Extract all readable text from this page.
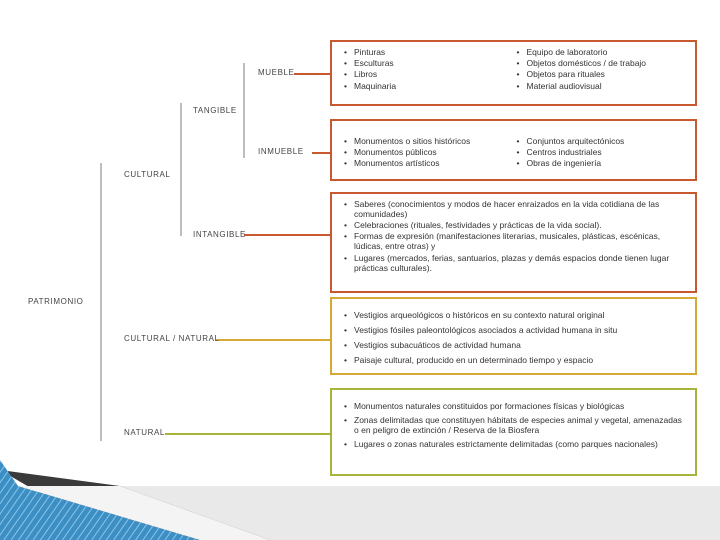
PATRIMONIO
CULTURAL
TANGIBLE
MUEBLE
INMUEBLE
INTANGIBLE
CULTURAL / NATURAL
NATURAL
• Pinturas
• Esculturas
• Libros
• Maquinaria
• Equipo de laboratorio
• Objetos domésticos / de trabajo
• Objetos para rituales
• Material audiovisual
• Monumentos o sitios históricos
• Monumentos públicos
• Monumentos artísticos
• Conjuntos arquitectónicos
• Centros industriales
• Obras de ingeniería
• Saberes (conocimientos y modos de hacer enraizados en la vida cotidiana de las comunidades)
• Celebraciones (rituales, festividades y prácticas de la vida social).
• Formas de expresión (manifestaciones literarias, musicales, plásticas, escénicas, lúdicas, entre otras) y
• Lugares (mercados, ferias, santuarios, plazas y demás espacios donde tienen lugar prácticas culturales).
• Vestigios arqueológicos o históricos en su contexto natural original
• Vestigios fósiles paleontológicos asociados a actividad humana in situ
• Vestigios subacuáticos de actividad humana
• Paisaje cultural, producido en un determinado tiempo y espacio
• Monumentos naturales constituidos por formaciones físicas y biológicas
• Zonas delimitadas que constituyen hábitats de especies animal y vegetal, amenazadas o en peligro de extinción / Reserva de la Biosfera
• Lugares o zonas naturales estrictamente delimitadas (como parques nacionales)
